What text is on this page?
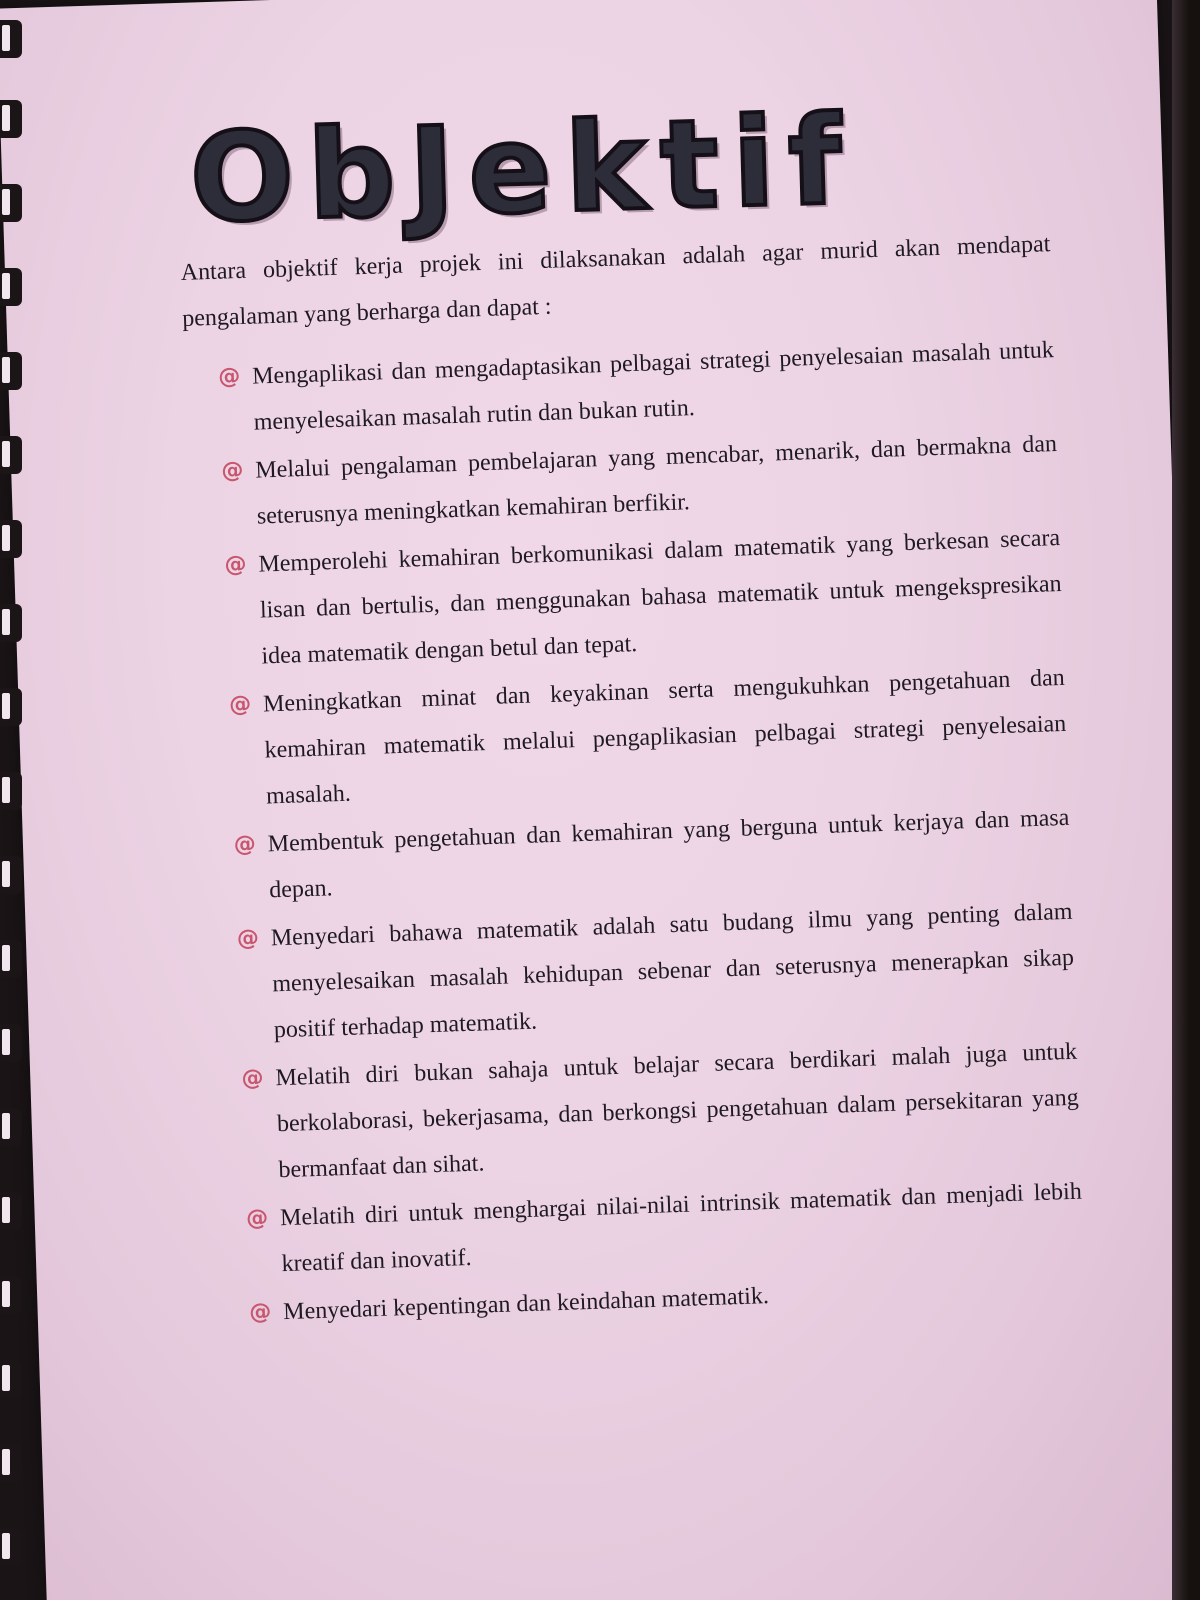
ObJektif

Antara objektif kerja projek ini dilaksanakan adalah agar murid akan mendapat pengalaman yang berharga dan dapat :

@ Mengaplikasi dan mengadaptasikan pelbagai strategi penyelesaian masalah untuk menyelesaikan masalah rutin dan bukan rutin.
@ Melalui pengalaman pembelajaran yang mencabar, menarik, dan bermakna dan seterusnya meningkatkan kemahiran berfikir.
@ Memperolehi kemahiran berkomunikasi dalam matematik yang berkesan secara lisan dan bertulis, dan menggunakan bahasa matematik untuk mengekspresikan idea matematik dengan betul dan tepat.
@ Meningkatkan minat dan keyakinan serta mengukuhkan pengetahuan dan kemahiran matematik melalui pengaplikasian pelbagai strategi penyelesaian masalah.
@ Membentuk pengetahuan dan kemahiran yang berguna untuk kerjaya dan masa depan.
@ Menyedari bahawa matematik adalah satu budang ilmu yang penting dalam menyelesaikan masalah kehidupan sebenar dan seterusnya menerapkan sikap positif terhadap matematik.
@ Melatih diri bukan sahaja untuk belajar secara berdikari malah juga untuk berkolaborasi, bekerjasama, dan berkongsi pengetahuan dalam persekitaran yang bermanfaat dan sihat.
@ Melatih diri untuk menghargai nilai-nilai intrinsik matematik dan menjadi lebih kreatif dan inovatif.
@ Menyedari kepentingan dan keindahan matematik.
